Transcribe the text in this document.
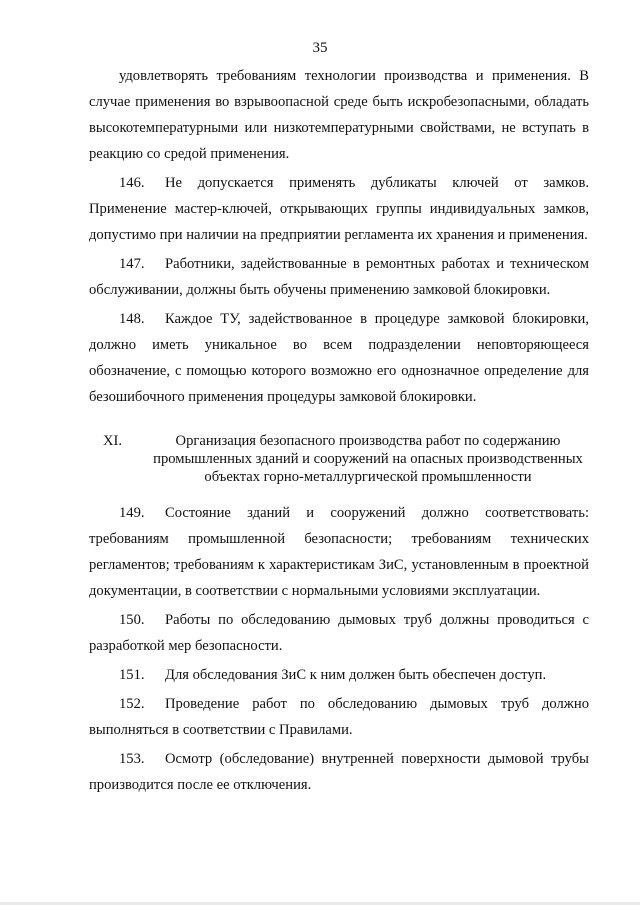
35

удовлетворять требованиям технологии производства и применения. В случае применения во взрывоопасной среде быть искробезопасными, обладать высокотемпературными или низкотемпературными свойствами, не вступать в реакцию со средой применения.

146. Не допускается применять дубликаты ключей от замков. Применение мастер-ключей, открывающих группы индивидуальных замков, допустимо при наличии на предприятии регламента их хранения и применения.

147. Работники, задействованные в ремонтных работах и техническом обслуживании, должны быть обучены применению замковой блокировки.

148. Каждое ТУ, задействованное в процедуре замковой блокировки, должно иметь уникальное во всем подразделении неповторяющееся обозначение, с помощью которого возможно его однозначное определение для безошибочного применения процедуры замковой блокировки.

XI.	Организация безопасного производства работ по содержанию
промышленных зданий и сооружений на опасных производственных
объектах горно-металлургической промышленности

149. Состояние зданий и сооружений должно соответствовать: требованиям промышленной безопасности; требованиям технических регламентов; требованиям к характеристикам ЗиС, установленным в проектной документации, в соответствии с нормальными условиями эксплуатации.

150. Работы по обследованию дымовых труб должны проводиться с разработкой мер безопасности.

151. Для обследования ЗиС к ним должен быть обеспечен доступ.

152. Проведение работ по обследованию дымовых труб должно выполняться в соответствии с Правилами.

153. Осмотр (обследование) внутренней поверхности дымовой трубы производится после ее отключения.
